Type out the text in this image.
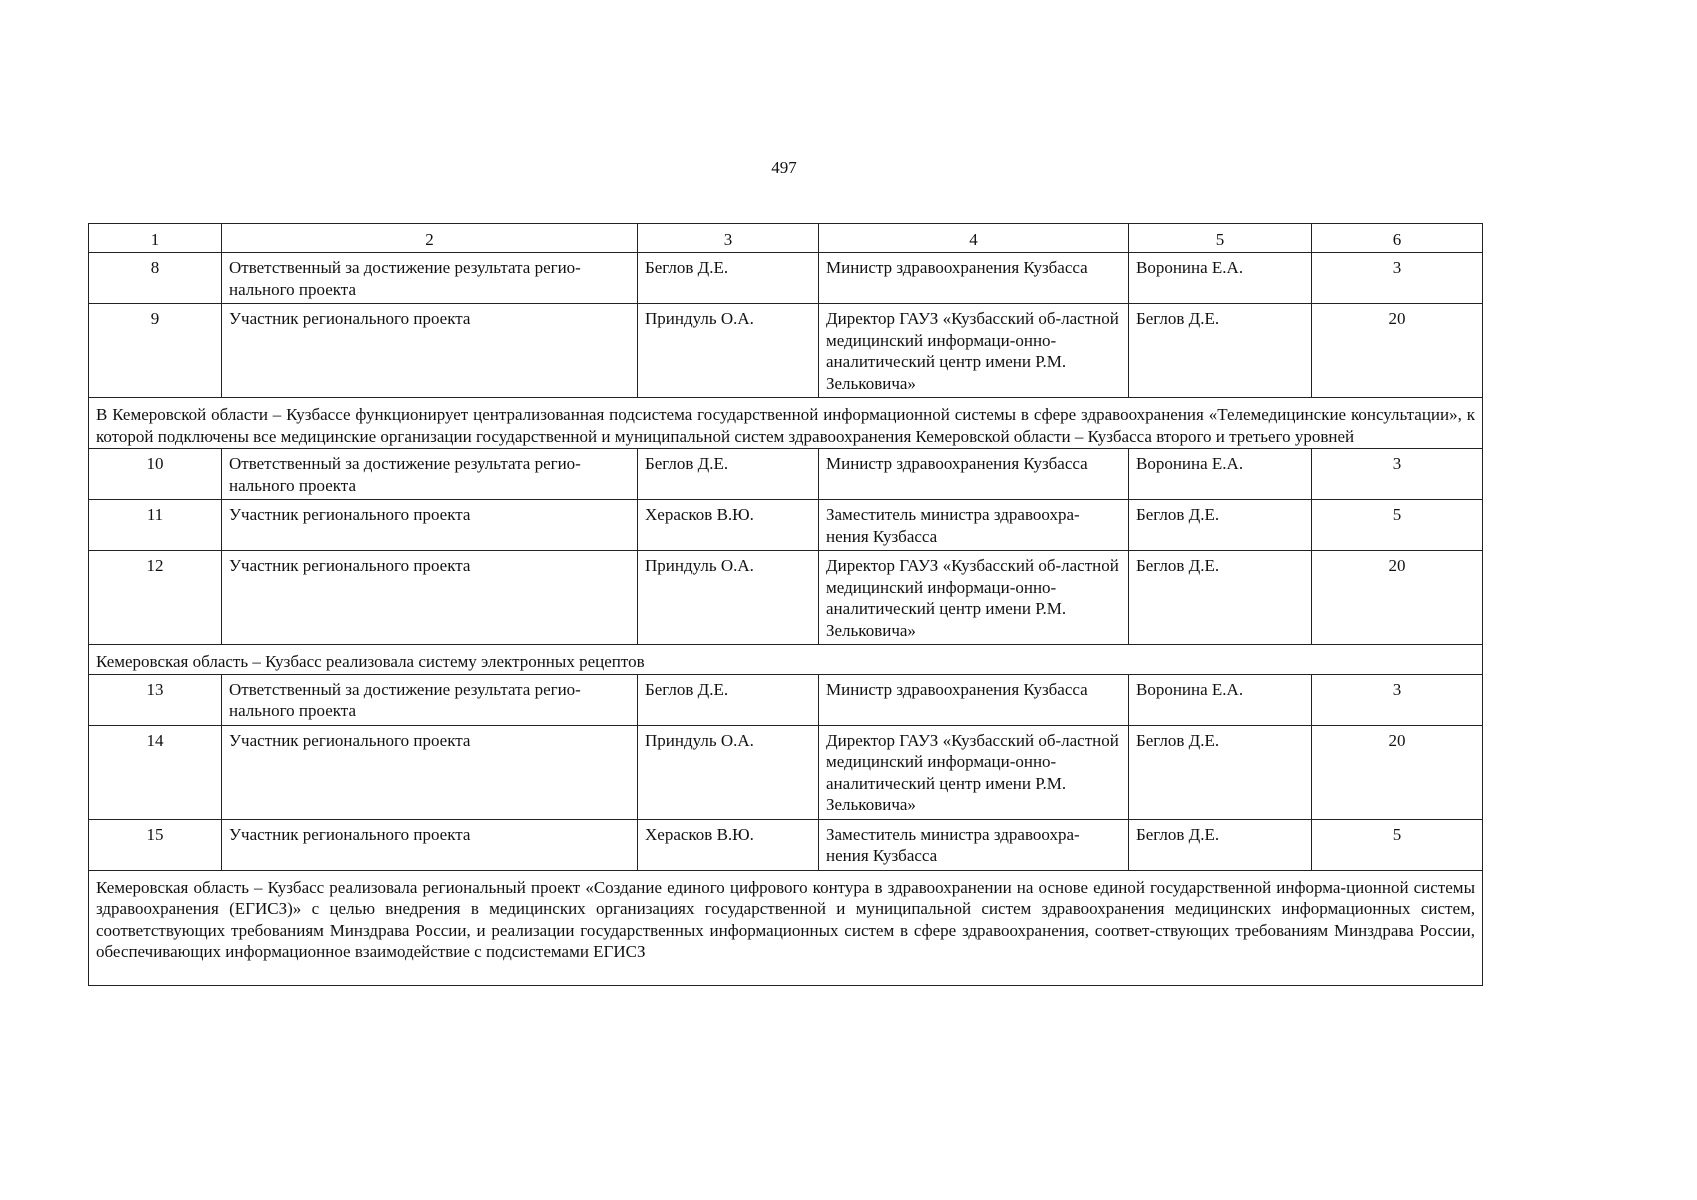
497
1	2	3	4	5	6
8	Ответственный за достижение результата регио-нального проекта	Беглов Д.Е.	Министр здравоохранения Кузбасса	Воронина Е.А.	3
9	Участник регионального проекта	Приндуль О.А.	Директор ГАУЗ «Кузбасский об-ластной медицинский информаци-онно-аналитический центр имени Р.М. Зельковича»	Беглов Д.Е.	20
В Кемеровской области – Кузбассе функционирует централизованная подсистема государственной информационной системы в сфере здравоохранения «Телемедицинские консультации», к которой подключены все медицинские организации государственной и муниципальной систем здравоохранения Кемеровской области – Кузбасса второго и третьего уровней					
10	Ответственный за достижение результата регио-нального проекта	Беглов Д.Е.	Министр здравоохранения Кузбасса	Воронина Е.А.	3
11	Участник регионального проекта	Херасков В.Ю.	Заместитель министра здравоохра-нения Кузбасса	Беглов Д.Е.	5
12	Участник регионального проекта	Приндуль О.А.	Директор ГАУЗ «Кузбасский об-ластной медицинский информаци-онно-аналитический центр имени Р.М. Зельковича»	Беглов Д.Е.	20
Кемеровская область – Кузбасс реализовала систему электронных рецептов					
13	Ответственный за достижение результата регио-нального проекта	Беглов Д.Е.	Министр здравоохранения Кузбасса	Воронина Е.А.	3
14	Участник регионального проекта	Приндуль О.А.	Директор ГАУЗ «Кузбасский об-ластной медицинский информаци-онно-аналитический центр имени Р.М. Зельковича»	Беглов Д.Е.	20
15	Участник регионального проекта	Херасков В.Ю.	Заместитель министра здравоохра-нения Кузбасса	Беглов Д.Е.	5
Кемеровская область – Кузбасс реализовала региональный проект «Создание единого цифрового контура в здравоохранении на основе единой государственной информа-ционной системы здравоохранения (ЕГИСЗ)» с целью внедрения в медицинских организациях государственной и муниципальной систем здравоохранения медицинских информационных систем, соответствующих требованиям Минздрава России, и реализации государственных информационных систем в сфере здравоохранения, соответ-ствующих требованиям Минздрава России, обеспечивающих информационное взаимодействие с подсистемами ЕГИСЗ					
